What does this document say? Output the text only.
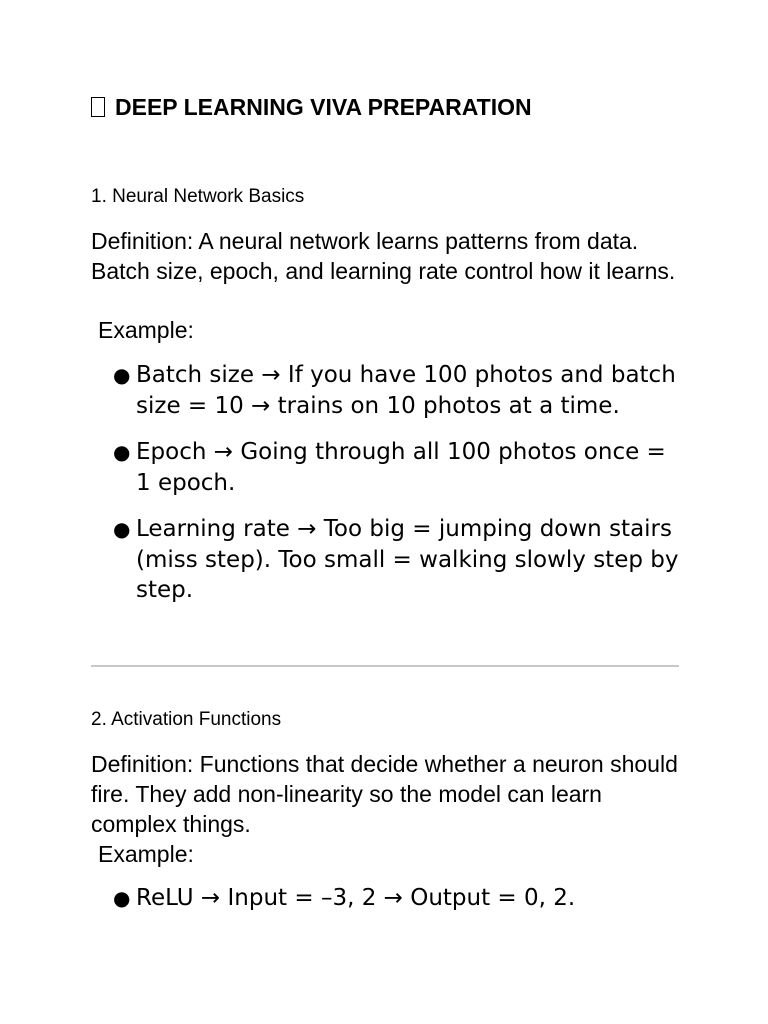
DEEP LEARNING VIVA PREPARATION
1. Neural Network Basics
Definition: A neural network learns patterns from data. Batch size, epoch, and learning rate control how it learns.
Example:
● Batch size → If you have 100 photos and batch size = 10 → trains on 10 photos at a time.
● Epoch → Going through all 100 photos once = 1 epoch.
● Learning rate → Too big = jumping down stairs (miss step). Too small = walking slowly step by step.
2. Activation Functions
Definition: Functions that decide whether a neuron should fire. They add non-linearity so the model can learn complex things.
Example:
● ReLU → Input = –3, 2 → Output = 0, 2.
